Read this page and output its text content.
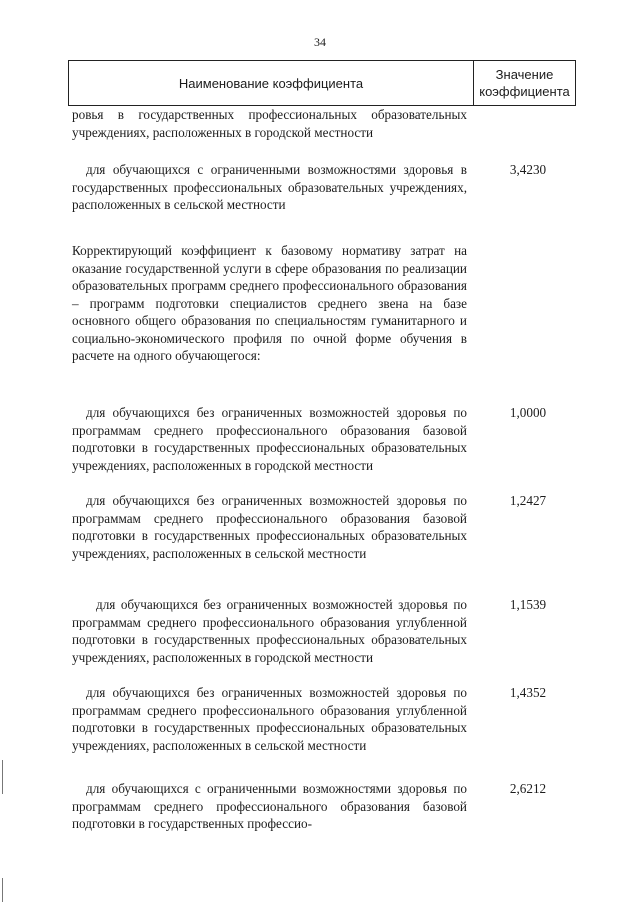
34
Наименование коэффициента
Значение
коэффициента

ровья в государственных профессиональных образовательных учреждениях, расположенных в городской местности

для обучающихся с ограниченными возможностями здоровья в государственных профессиональных образовательных учреждениях, расположенных в сельской местности

3,4230

Корректирующий коэффициент к базовому нормативу затрат на оказание государственной услуги в сфере образования по реализации образовательных программ среднего профессионального образования – программ подготовки специалистов среднего звена на базе основного общего образования по специальностям гуманитарного и социально-экономического профиля по очной форме обучения в расчете на одного обучающегося:

для обучающихся без ограниченных возможностей здоровья по программам среднего профессионального образования базовой подготовки в государственных профессиональных образовательных учреждениях, расположенных в городской местности

1,0000

для обучающихся без ограниченных возможностей здоровья по программам среднего профессионального образования базовой подготовки в государственных профессиональных образовательных учреждениях, расположенных в сельской местности

1,2427

для обучающихся без ограниченных возможностей здоровья по программам среднего профессионального образования углубленной подготовки в государственных профессиональных образовательных учреждениях, расположенных в городской местности

1,1539

для обучающихся без ограниченных возможностей здоровья по программам среднего профессионального образования углубленной подготовки в государственных профессиональных образовательных учреждениях, расположенных в сельской местности

1,4352

для обучающихся с ограниченными возможностями здоровья по программам среднего профессионального образования базовой подготовки в государственных профессио-

2,6212
